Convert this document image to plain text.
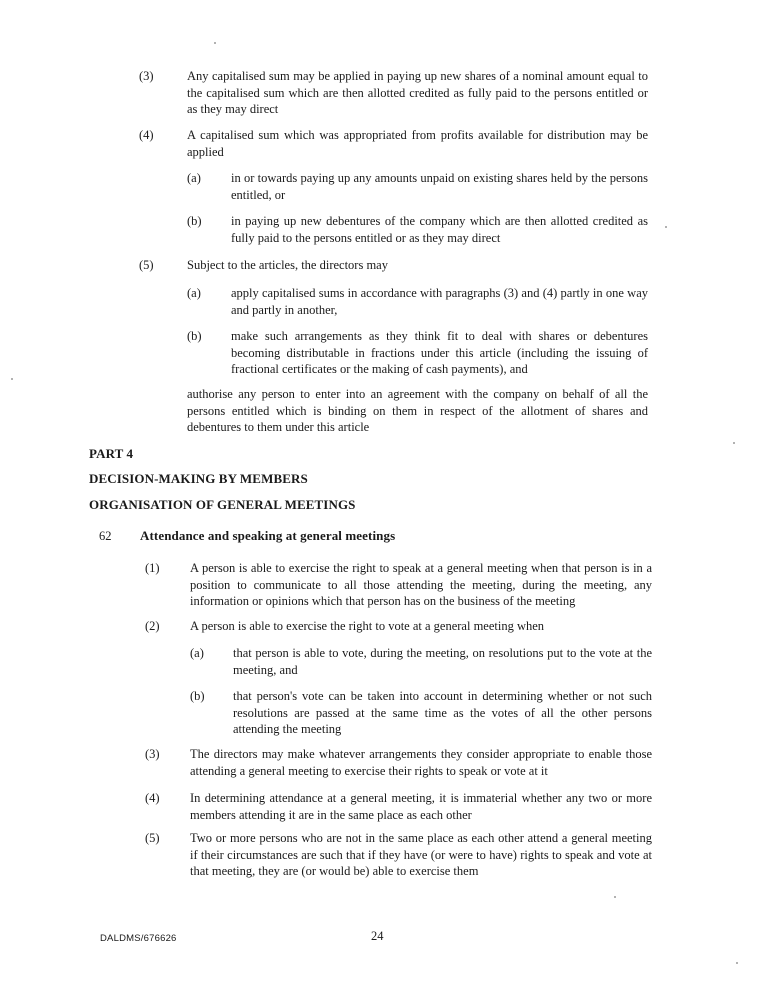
(3)	Any capitalised sum may be applied in paying up new shares of a nominal amount equal to the capitalised sum which are then allotted credited as fully paid to the persons entitled or as they may direct

(4)	A capitalised sum which was appropriated from profits available for distribution may be applied

(a) in or towards paying up any amounts unpaid on existing shares held by the persons entitled, or

(b) in paying up new debentures of the company which are then allotted credited as fully paid to the persons entitled or as they may direct

(5)	Subject to the articles, the directors may

(a) apply capitalised sums in accordance with paragraphs (3) and (4) partly in one way and partly in another,

(b) make such arrangements as they think fit to deal with shares or debentures becoming distributable in fractions under this article (including the issuing of fractional certificates or the making of cash payments), and

authorise any person to enter into an agreement with the company on behalf of all the persons entitled which is binding on them in respect of the allotment of shares and debentures to them under this article

PART 4

DECISION-MAKING BY MEMBERS

ORGANISATION OF GENERAL MEETINGS

62 Attendance and speaking at general meetings

(1) A person is able to exercise the right to speak at a general meeting when that person is in a position to communicate to all those attending the meeting, during the meeting, any information or opinions which that person has on the business of the meeting

(2) A person is able to exercise the right to vote at a general meeting when

(a) that person is able to vote, during the meeting, on resolutions put to the vote at the meeting, and

(b) that person's vote can be taken into account in determining whether or not such resolutions are passed at the same time as the votes of all the other persons attending the meeting

(3) The directors may make whatever arrangements they consider appropriate to enable those attending a general meeting to exercise their rights to speak or vote at it

(4) In determining attendance at a general meeting, it is immaterial whether any two or more members attending it are in the same place as each other

(5) Two or more persons who are not in the same place as each other attend a general meeting if their circumstances are such that if they have (or were to have) rights to speak and vote at that meeting, they are (or would be) able to exercise them

DALDMS/676626	24
